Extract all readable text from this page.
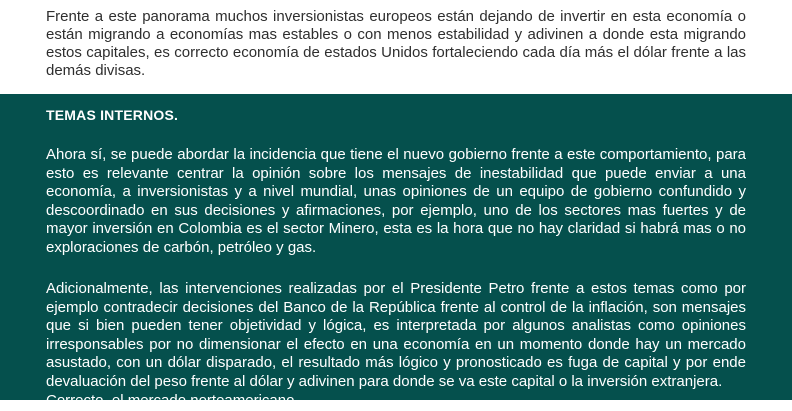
Frente a este panorama muchos inversionistas europeos están dejando de invertir en esta economía o están migrando a economías mas estables o con menos estabilidad y adivinen a donde esta migrando estos capitales, es correcto economía de estados Unidos fortaleciendo cada día más el dólar frente a las demás divisas.

TEMAS INTERNOS.

Ahora sí, se puede abordar la incidencia que tiene el nuevo gobierno frente a este comportamiento, para esto es relevante centrar la opinión sobre los mensajes de inestabilidad que puede enviar a una economía, a inversionistas y a nivel mundial, unas opiniones de un equipo de gobierno confundido y descoordinado en sus decisiones y afirmaciones, por ejemplo, uno de los sectores mas fuertes y de mayor inversión en Colombia es el sector Minero, esta es la hora que no hay claridad si habrá mas o no exploraciones de carbón, petróleo y gas.

Adicionalmente, las intervenciones realizadas por el Presidente Petro frente a estos temas como por ejemplo contradecir decisiones del Banco de la República frente al control de la inflación, son mensajes que si bien pueden tener objetividad y lógica, es interpretada por algunos analistas como opiniones irresponsables por no dimensionar el efecto en una economía en un momento donde hay un mercado asustado, con un dólar disparado, el resultado más lógico y pronosticado es fuga de capital y por ende devaluación del peso frente al dólar y adivinen para donde se va este capital o la inversión extranjera.

Correcto, el mercado norteamericano.
